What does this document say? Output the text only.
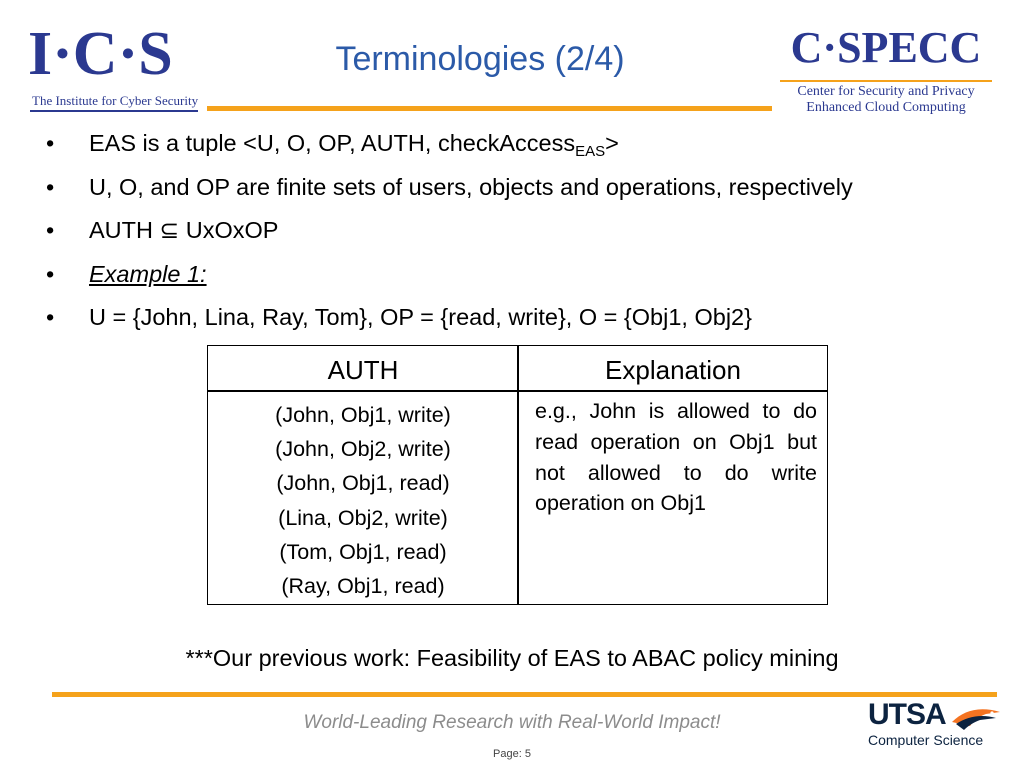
I·C·S
The Institute for Cyber Security
Terminologies (2/4)	C·SPECC
Center for Security and Privacy
Enhanced Cloud Computing
• EAS is a tuple <U, O, OP, AUTH, checkAccess$_{EAS}$>
• U, O, and OP are finite sets of users, objects and operations, respectively
• AUTH ⊆ UxOxOP
• Example 1:
• U = {John, Lina, Ray, Tom}, OP = {read, write}, O = {Obj1, Obj2}
AUTH	Explanation
(John, Obj1, write)
(John, Obj2, write)
(John, Obj1, read)
(Lina, Obj2, write)
(Tom, Obj1, read)
(Ray, Obj1, read)

e.g., John is allowed to do read operation on Obj1 but not allowed to do write operation on Obj1

***Our previous work: Feasibility of EAS to ABAC policy mining
World-Leading Research with Real-World Impact!
Page: 5
UTSA
Computer Science
